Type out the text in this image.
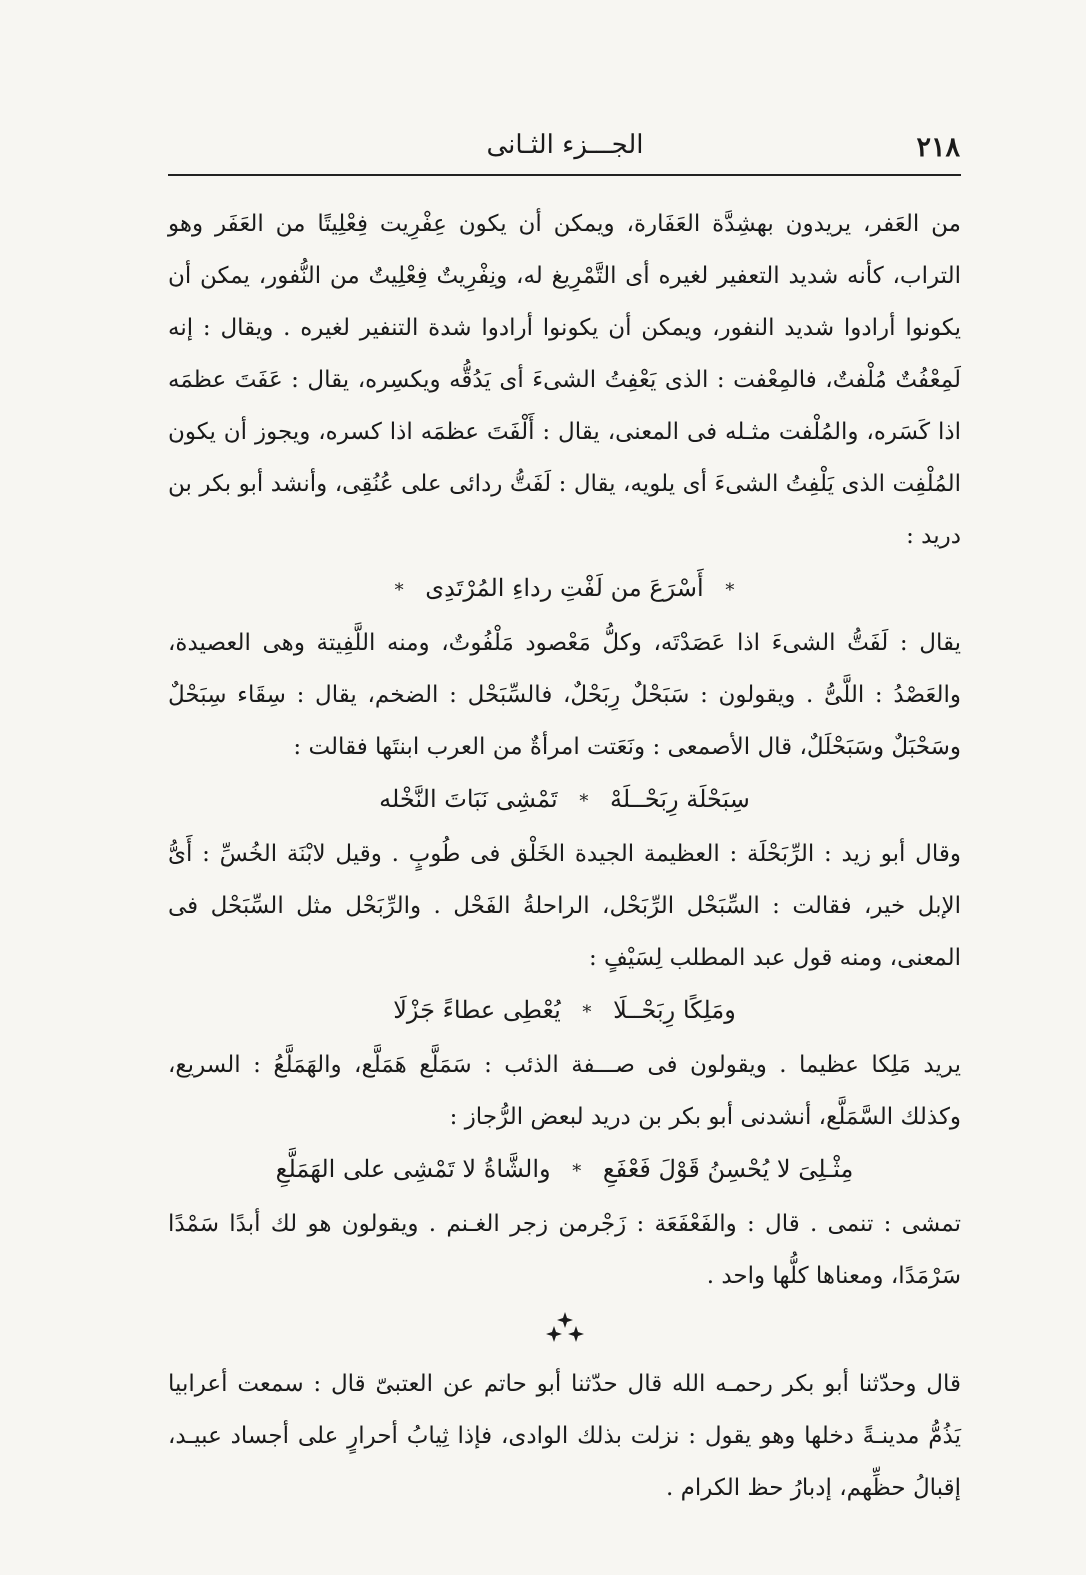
٢١٨
الجـــزء الثـانى

من العَفر، يريدون بهشِدَّة العَفَارة، ويمكن أن يكون عِفْرِيت فِعْلِيتًا من العَفَر وهو التراب، كأنه شديد التعفير لغيره أى التَّمْرِيغ له، ونِفْرِيتٌ فِعْلِيتٌ من النُّفور، يمكن أن يكونوا أرادوا شديد النفور، ويمكن أن يكونوا أرادوا شدة التنفير لغيره . ويقال : إنه لَمِعْفُتٌ مُلْفتٌ، فالمِعْفت : الذى يَعْفِتُ الشىءَ أى يَدُقُّه ويكسِره، يقال : عَفَتَ عظمَه اذا كَسَره، والمُلْفت مثـله فى المعنى، يقال : أَلْفَتَ عظمَه اذا كسره، ويجوز أن يكون المُلْفِت الذى يَلْفِتُ الشىءَ أى يلويه، يقال : لَفَتُّ ردائى على عُنُقِى، وأنشد أبو بكر بن دريد :

* أَسْرَعَ من لَفْتِ رداءِ المُرْتَدِى *

يقال : لَفَتُّ الشىءَ اذا عَصَدْتَه، وكلُّ مَعْصود مَلْفُوتٌ، ومنه اللَّفِيتة وهى العصيدة، والعَصْدُ : اللَّىُّ . ويقولون : سَبَحْلٌ رِبَحْلٌ، فالسِّبَحْل : الضخم، يقال : سِقَاء سِبَحْلٌ وسَحْبَلٌ وسَبَحْلَلٌ، قال الأصمعى : ونَعَتت امرأةٌ من العرب ابنتَها فقالت :

سِبَحْلَة رِبَحْــلَهْ * تَمْشِى نَبَاتَ النَّخْله

وقال أبو زيد : الرِّبَحْلَة : العظيمة الجيدة الخَلْق فى طُوبٍ . وقيل لابْنَة الخُسِّ : أَىُّ الإبل خير، فقالت : السِّبَحْل الرِّبَحْل، الراحلةُ الفَحْل . والرِّبَحْل مثل السِّبَحْل فى المعنى، ومنه قول عبد المطلب لِسَيْفٍ :

ومَلِكًا رِبَحْــلَا * يُعْطِى عطاءً جَزْلَا

يريد مَلِكا عظيما . ويقولون فى صـــفة الذئب : سَمَلَّع هَمَلَّع، والهَمَلَّعُ : السريع، وكذلك السَّمَلَّع، أنشدنى أبو بكر بن دريد لبعض الرُّجاز :

مِثْـلِىَ لا يُحْسِنُ قَوْلَ فَعْفَعِ * والشَّاةُ لا تَمْشِى على الهَمَلَّعِ

تمشى : تنمى . قال : والفَعْفَعَة : زَجْرمن زجر الغـنم . ويقولون هو لك أبدًا سَمْدًا سَرْمَدًا، ومعناها كلُّها واحد .

قال وحدّثنا أبو بكر رحمـه الله قال حدّثنا أبو حاتم عن العتبىّ قال : سمعت أعرابيا يَذُمُّ مدينـةً دخلها وهو يقول : نزلت بذلك الوادى، فإذا ثِيابُ أحرارٍ على أجساد عبيـد، إقبالُ حظِّهم، إدبارُ حظ الكرام .
